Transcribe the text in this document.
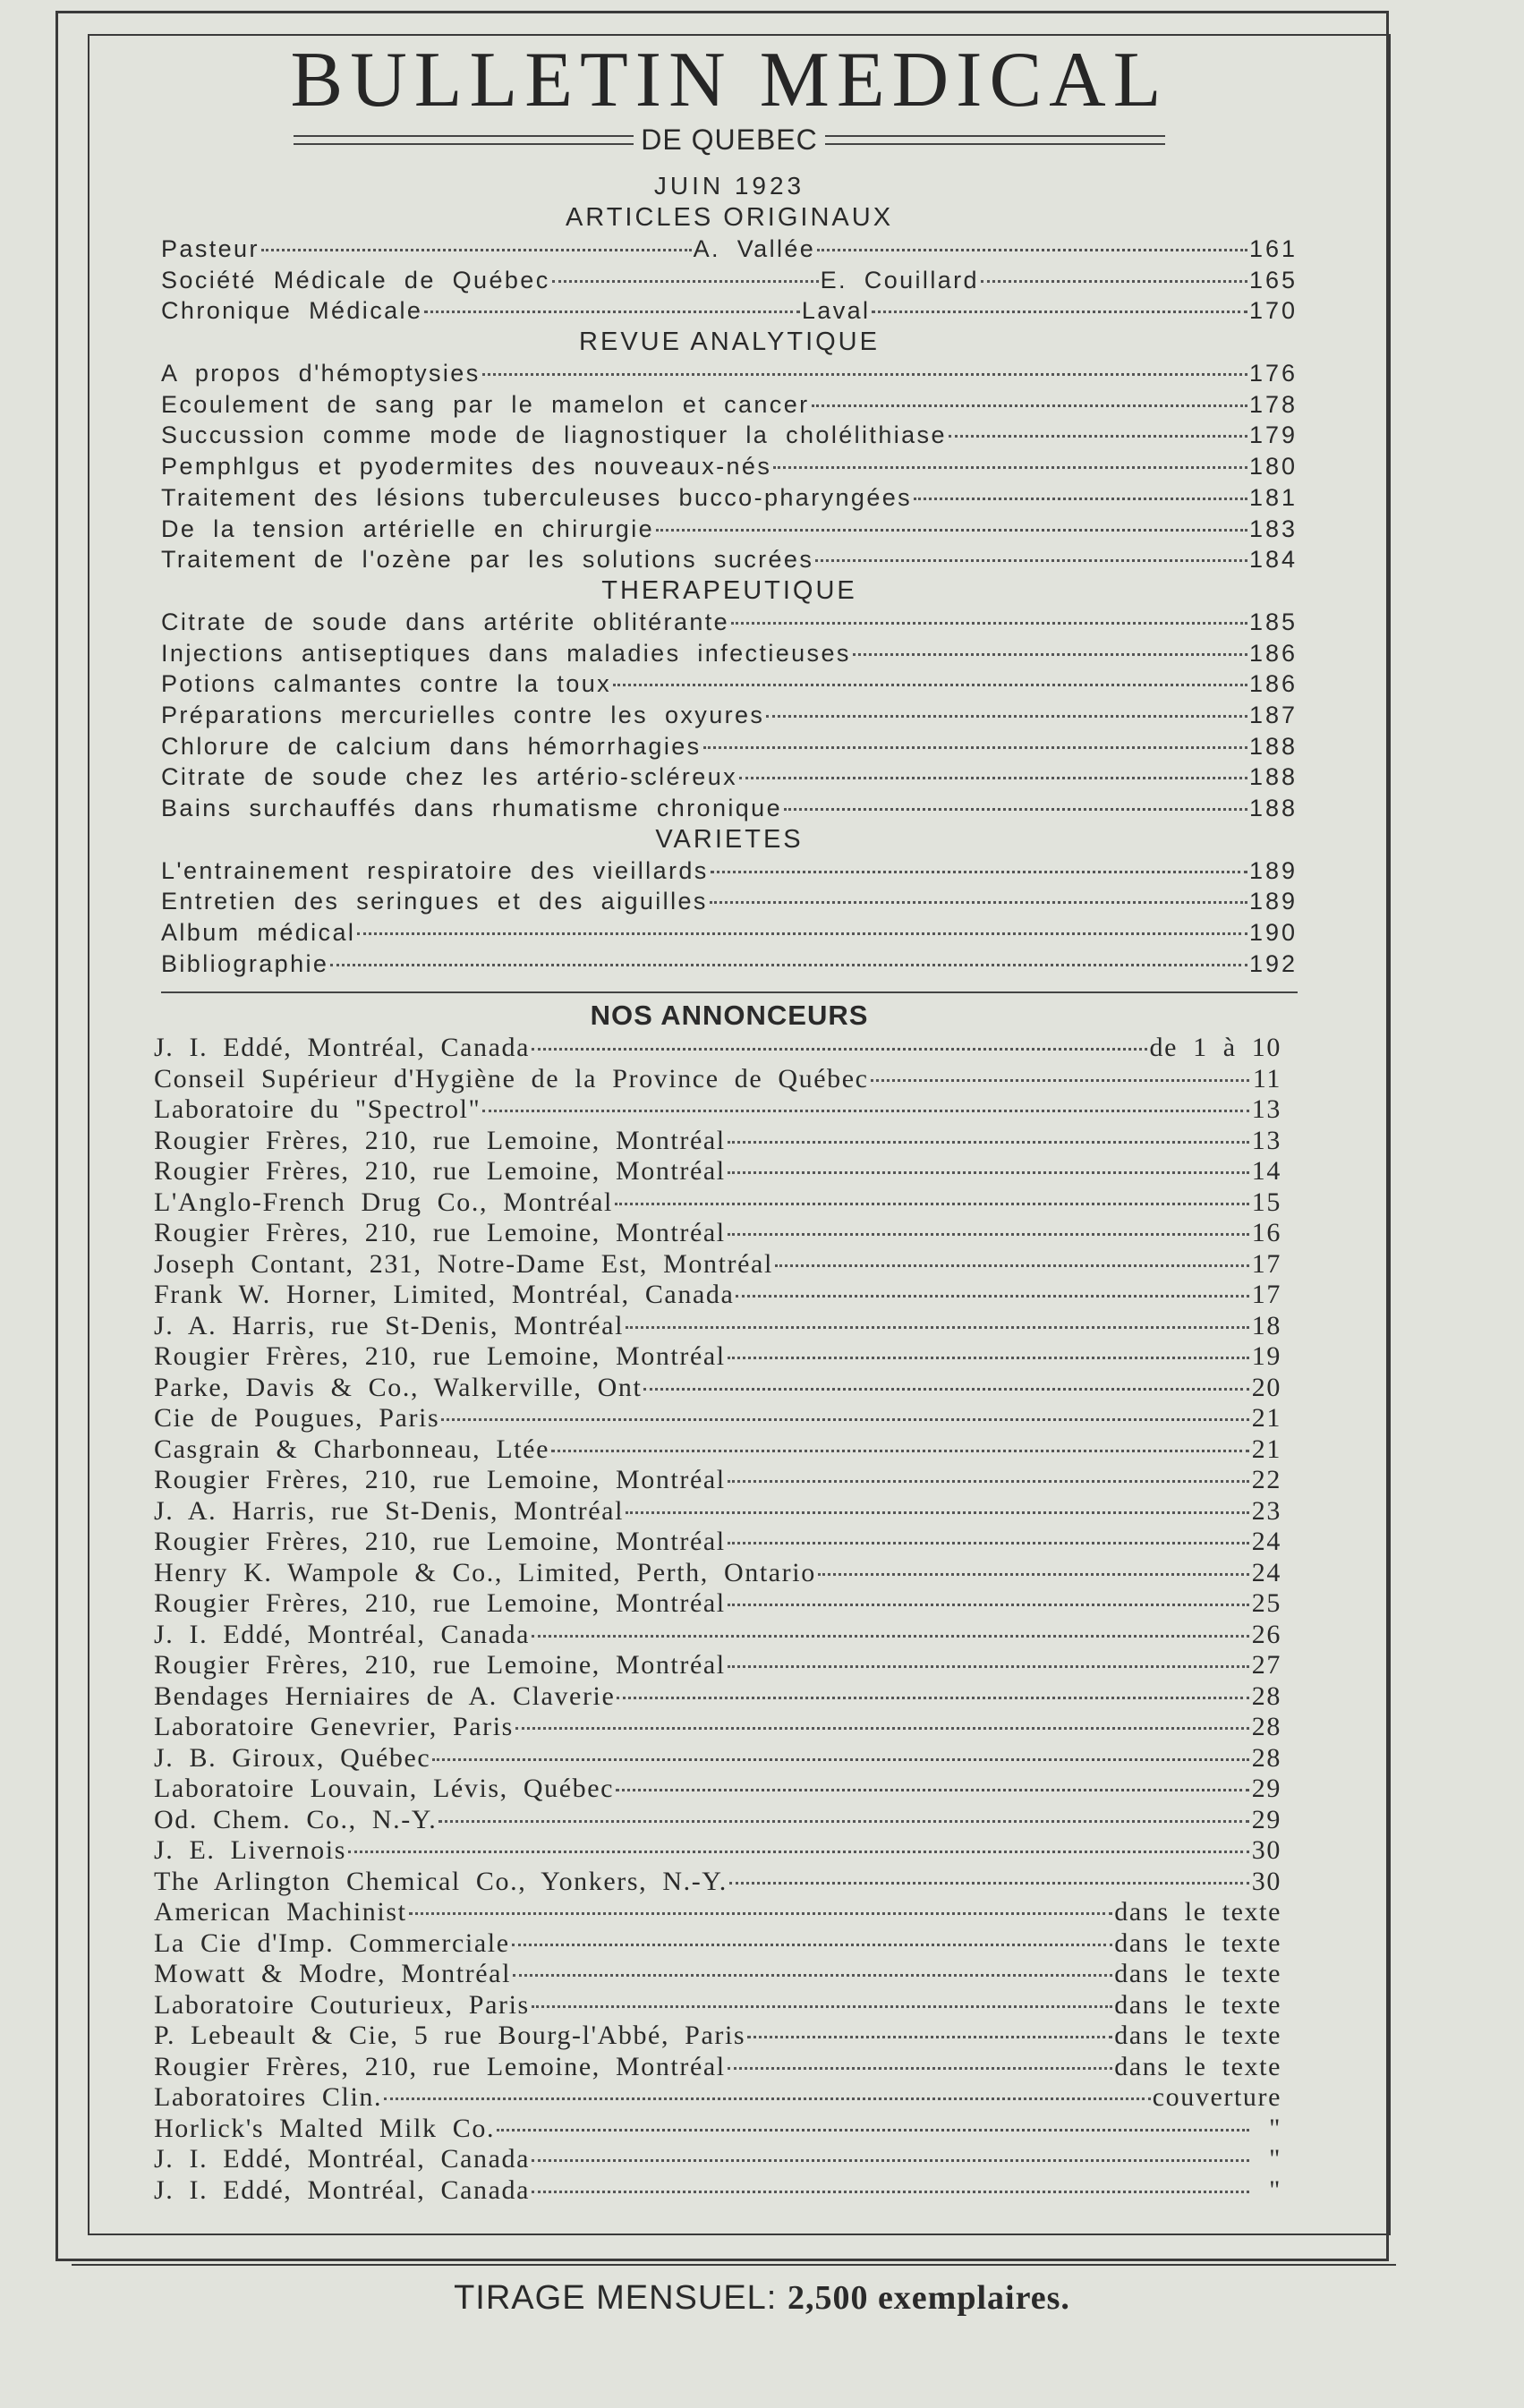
BULLETIN MEDICAL
DE QUEBEC
JUIN 1923
ARTICLES ORIGINAUX
Pasteur	A. Vallée	161
Société Médicale de Québec	E. Couillard	165
Chronique Médicale	Laval	170
REVUE ANALYTIQUE
A propos d'hémoptysies	176
Ecoulement de sang par le mamelon et cancer	178
Succussion comme mode de liagnostiquer la cholélithiase	179
Pemphlgus et pyodermites des nouveaux-nés	180
Traitement des lésions tuberculeuses bucco-pharyngées	181
De la tension artérielle en chirurgie	183
Traitement de l'ozène par les solutions sucrées	184
THERAPEUTIQUE
Citrate de soude dans artérite oblitérante	185
Injections antiseptiques dans maladies infectieuses	186
Potions calmantes contre la toux	186
Préparations mercurielles contre les oxyures	187
Chlorure de calcium dans hémorrhagies	188
Citrate de soude chez les artério-scléreux	188
Bains surchauffés dans rhumatisme chronique	188
VARIETES
L'entrainement respiratoire des vieillards	189
Entretien des seringues et des aiguilles	189
Album médical	190
Bibliographie	192
NOS ANNONCEURS
J. I. Eddé, Montréal, Canada	de 1 à 10
Conseil Supérieur d'Hygiène de la Province de Québec	11
Laboratoire du "Spectrol"	13
Rougier Frères, 210, rue Lemoine, Montréal	13
Rougier Frères, 210, rue Lemoine, Montréal	14
L'Anglo-French Drug Co., Montréal	15
Rougier Frères, 210, rue Lemoine, Montréal	16
Joseph Contant, 231, Notre-Dame Est, Montréal	17
Frank W. Horner, Limited, Montréal, Canada	17
J. A. Harris, rue St-Denis, Montréal	18
Rougier Frères, 210, rue Lemoine, Montréal	19
Parke, Davis & Co., Walkerville, Ont	20
Cie de Pougues, Paris	21
Casgrain & Charbonneau, Ltée	21
Rougier Frères, 210, rue Lemoine, Montréal	22
J. A. Harris, rue St-Denis, Montréal	23
Rougier Frères, 210, rue Lemoine, Montréal	24
Henry K. Wampole & Co., Limited, Perth, Ontario	24
Rougier Frères, 210, rue Lemoine, Montréal	25
J. I. Eddé, Montréal, Canada	26
Rougier Frères, 210, rue Lemoine, Montréal	27
Bendages Herniaires de A. Claverie	28
Laboratoire Genevrier, Paris	28
J. B. Giroux, Québec	28
Laboratoire Louvain, Lévis, Québec	29
Od. Chem. Co., N.-Y.	29
J. E. Livernois	30
The Arlington Chemical Co., Yonkers, N.-Y.	30
American Machinist	dans le texte
La Cie d'Imp. Commerciale	dans le texte
Mowatt & Modre, Montréal	dans le texte
Laboratoire Couturieux, Paris	dans le texte
P. Lebeault & Cie, 5 rue Bourg-l'Abbé, Paris	dans le texte
Rougier Frères, 210, rue Lemoine, Montréal	dans le texte
Laboratoires Clin.	couverture
Horlick's Malted Milk Co.	"
J. I. Eddé, Montréal, Canada	"
J. I. Eddé, Montréal, Canada	"
TIRAGE MENSUEL: 2,500 exemplaires.
